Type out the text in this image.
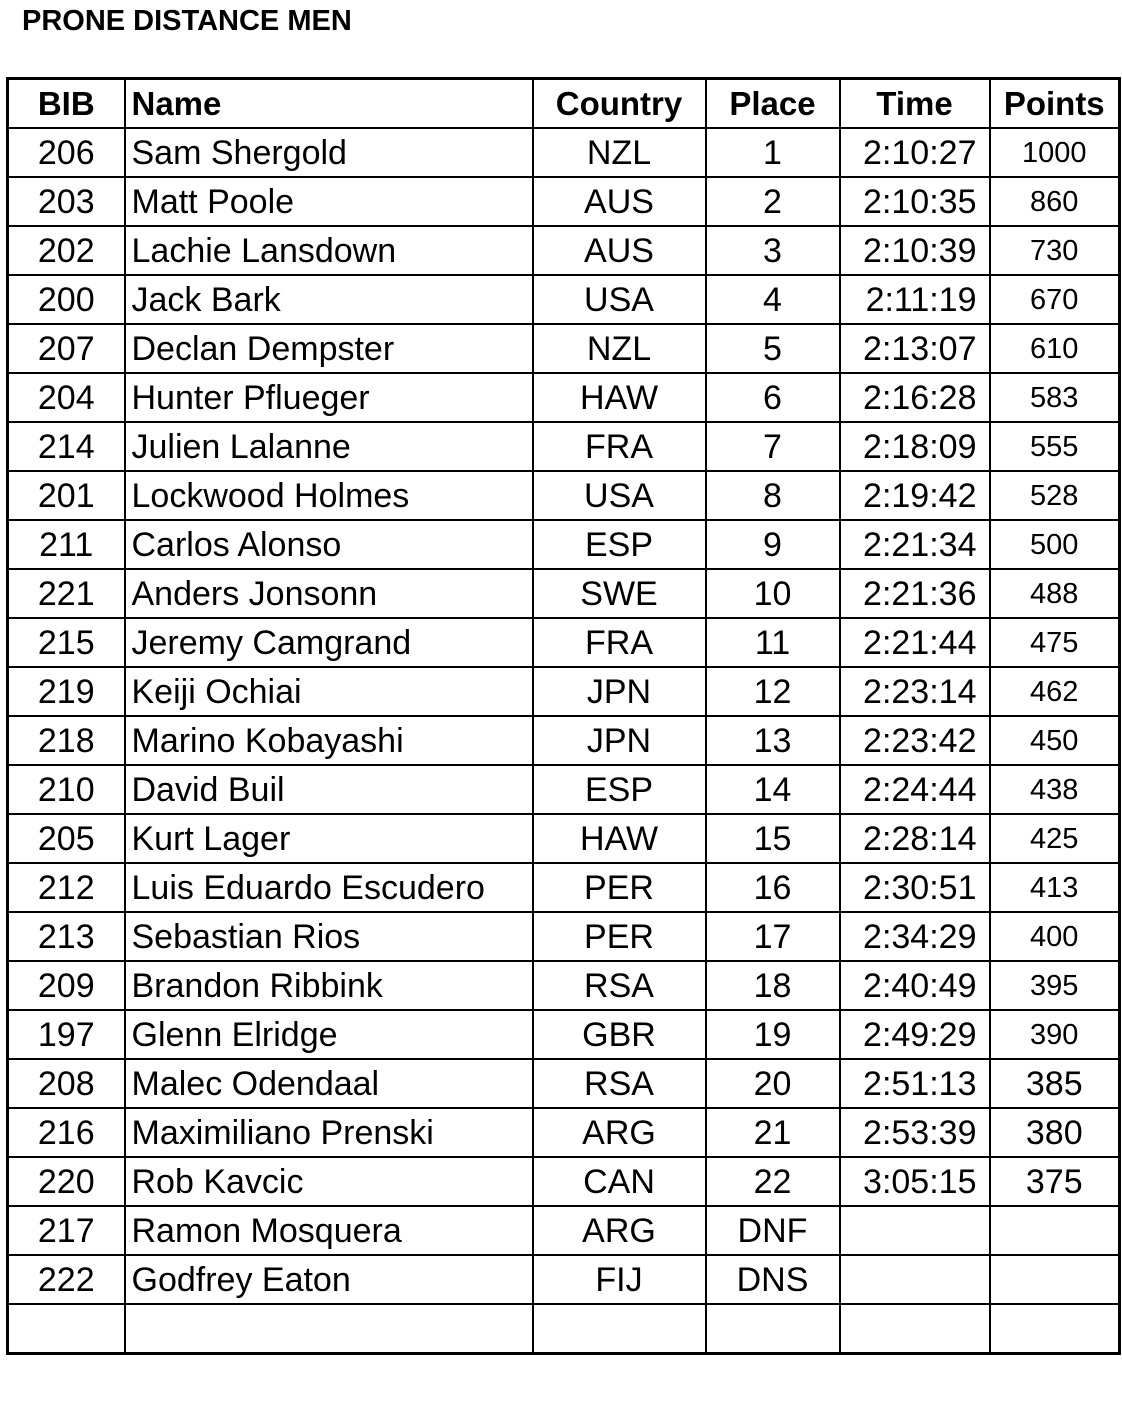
PRONE DISTANCE MEN
BIB	Name	Country	Place	Time	Points
206	Sam Shergold	NZL	1	2:10:27	1000
203	Matt Poole	AUS	2	2:10:35	860
202	Lachie Lansdown	AUS	3	2:10:39	730
200	Jack Bark	USA	4	2:11:19	670
207	Declan Dempster	NZL	5	2:13:07	610
204	Hunter Pflueger	HAW	6	2:16:28	583
214	Julien Lalanne	FRA	7	2:18:09	555
201	Lockwood Holmes	USA	8	2:19:42	528
211	Carlos Alonso	ESP	9	2:21:34	500
221	Anders Jonsonn	SWE	10	2:21:36	488
215	Jeremy Camgrand	FRA	11	2:21:44	475
219	Keiji Ochiai	JPN	12	2:23:14	462
218	Marino Kobayashi	JPN	13	2:23:42	450
210	David Buil	ESP	14	2:24:44	438
205	Kurt Lager	HAW	15	2:28:14	425
212	Luis Eduardo Escudero	PER	16	2:30:51	413
213	Sebastian Rios	PER	17	2:34:29	400
209	Brandon Ribbink	RSA	18	2:40:49	395
197	Glenn Elridge	GBR	19	2:49:29	390
208	Malec Odendaal	RSA	20	2:51:13	385
216	Maximiliano Prenski	ARG	21	2:53:39	380
220	Rob Kavcic	CAN	22	3:05:15	375
217	Ramon Mosquera	ARG	DNF		
222	Godfrey Eaton	FIJ	DNS		
